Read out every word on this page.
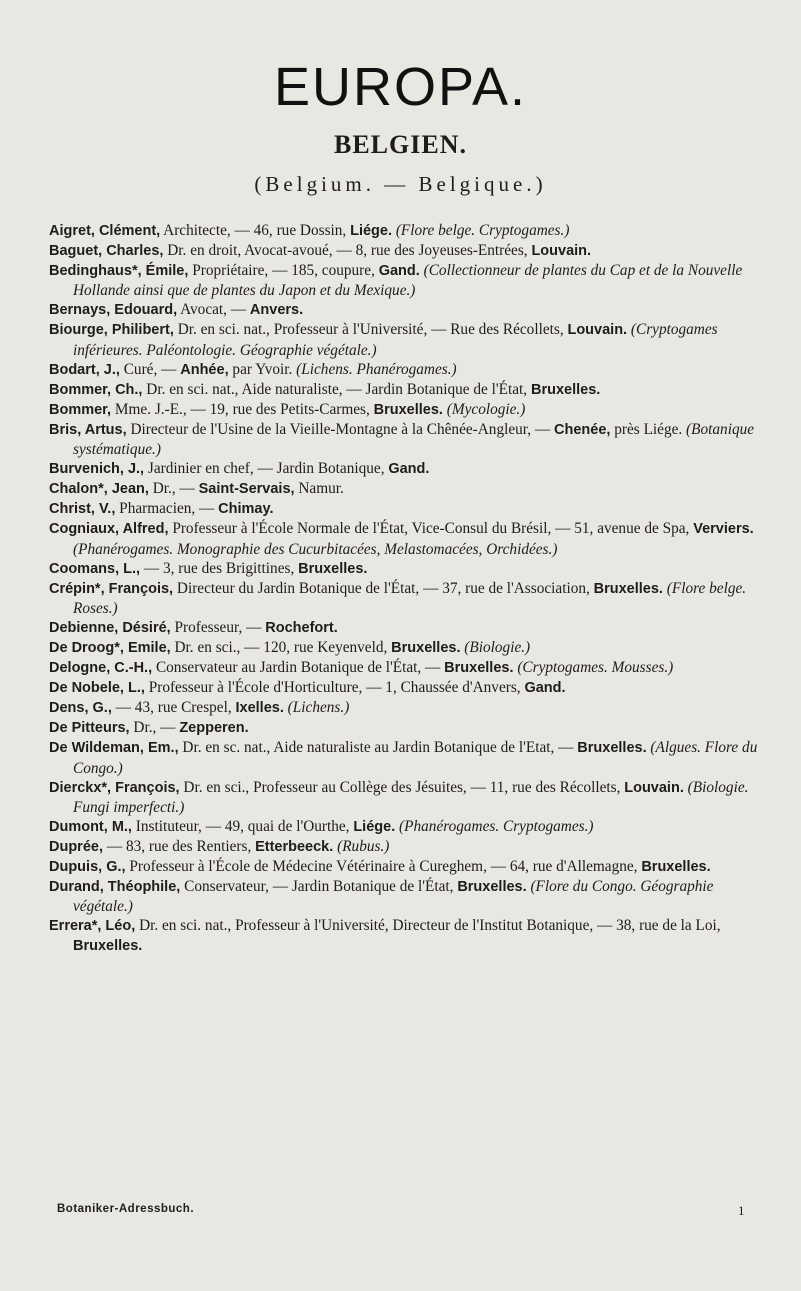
EUROPA.
BELGIEN.
(Belgium. — Belgique.)

Aigret, Clément, Architecte, — 46, rue Dossin, Liége. (Flore belge. Cryptogames.)

Baguet, Charles, Dr. en droit, Avocat-avoué, — 8, rue des Joyeuses-Entrées, Louvain.

Bedinghaus*, Émile, Propriétaire, — 185, coupure, Gand. (Collectionneur de plantes du Cap et de la Nouvelle Hollande ainsi que de plantes du Japon et du Mexique.)

Bernays, Edouard, Avocat, — Anvers.

Biourge, Philibert, Dr. en sci. nat., Professeur à l'Université, — Rue des Récollets, Louvain. (Cryptogames inférieures. Paléontologie. Géographie végétale.)

Bodart, J., Curé, — Anhée, par Yvoir. (Lichens. Phanérogames.)

Bommer, Ch., Dr. en sci. nat., Aide naturaliste, — Jardin Botanique de l'État, Bruxelles.

Bommer, Mme. J.-E., — 19, rue des Petits-Carmes, Bruxelles. (Mycologie.)

Bris, Artus, Directeur de l'Usine de la Vieille-Montagne à la Chênée-Angleur, — Chenée, près Liége. (Botanique systématique.)

Burvenich, J., Jardinier en chef, — Jardin Botanique, Gand.

Chalon*, Jean, Dr., — Saint-Servais, Namur.

Christ, V., Pharmacien, — Chimay.

Cogniaux, Alfred, Professeur à l'École Normale de l'État, Vice-Consul du Brésil, — 51, avenue de Spa, Verviers. (Phanérogames. Monographie des Cucurbitacées, Melastomacées, Orchidées.)

Coomans, L., — 3, rue des Brigittines, Bruxelles.

Crépin*, François, Directeur du Jardin Botanique de l'État, — 37, rue de l'Association, Bruxelles. (Flore belge. Roses.)

Debienne, Désiré, Professeur, — Rochefort.

De Droog*, Emile, Dr. en sci., — 120, rue Keyenveld, Bruxelles. (Biologie.)

Delogne, C.-H., Conservateur au Jardin Botanique de l'État, — Bruxelles. (Cryptogames. Mousses.)

De Nobele, L., Professeur à l'École d'Horticulture, — 1, Chaussée d'Anvers, Gand.

Dens, G., — 43, rue Crespel, Ixelles. (Lichens.)

De Pitteurs, Dr., — Zepperen.

De Wildeman, Em., Dr. en sc. nat., Aide naturaliste au Jardin Botanique de l'Etat, — Bruxelles. (Algues. Flore du Congo.)

Dierckx*, François, Dr. en sci., Professeur au Collège des Jésuites, — 11, rue des Récollets, Louvain. (Biologie. Fungi imperfecti.)

Dumont, M., Instituteur, — 49, quai de l'Ourthe, Liége. (Phanérogames. Cryptogames.)

Duprée, — 83, rue des Rentiers, Etterbeeck. (Rubus.)

Dupuis, G., Professeur à l'École de Médecine Vétérinaire à Cureghem, — 64, rue d'Allemagne, Bruxelles.

Durand, Théophile, Conservateur, — Jardin Botanique de l'État, Bruxelles. (Flore du Congo. Géographie végétale.)

Errera*, Léo, Dr. en sci. nat., Professeur à l'Université, Directeur de l'Institut Botanique, — 38, rue de la Loi, Bruxelles.

Botaniker-Adressbuch.	1
